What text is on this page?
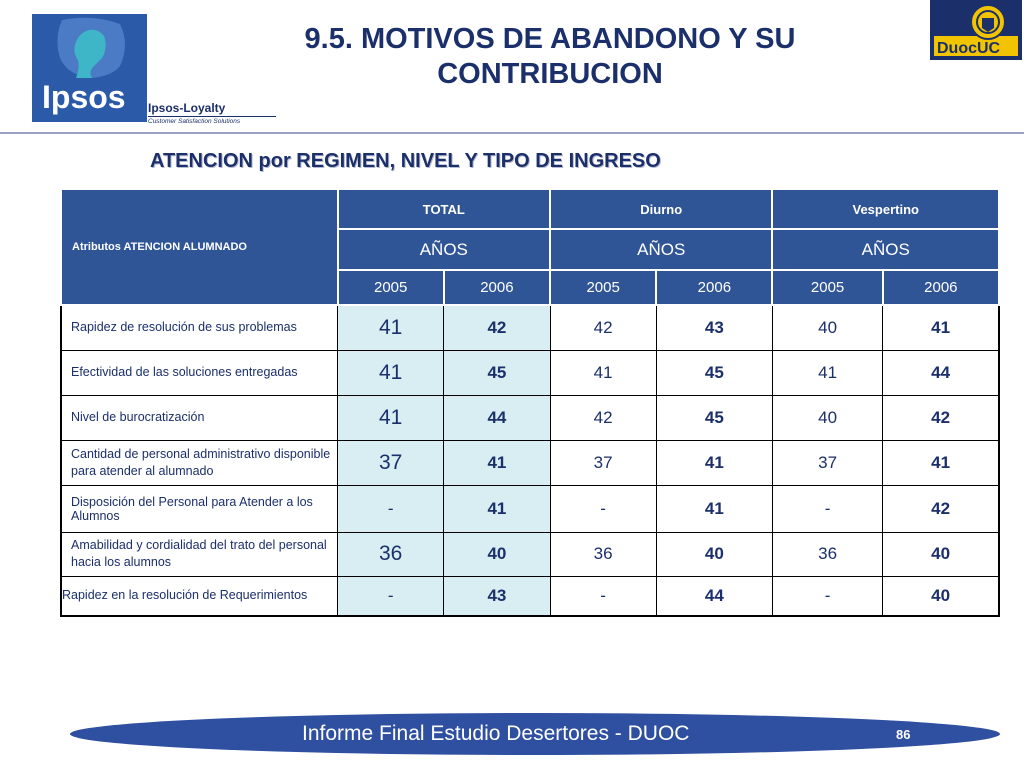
Ipsos Ipsos-Loyalty
Customer Satisfaction Solutions
DuocUC
9.5. MOTIVOS DE ABANDONO Y SU
CONTRIBUCION
ATENCION por REGIMEN, NIVEL Y TIPO DE INGRESO
Atributos ATENCION ALUMNADO	TOTAL		Diurno		Vespertino	
	AÑOS		AÑOS		AÑOS	
	2005	2006	2005	2006	2005	2006
Rapidez de resolución de sus problemas	41	42	42	43	40	41
Efectividad de las soluciones entregadas	41	45	41	45	41	44
Nivel de burocratización	41	44	42	45	40	42
Cantidad de personal administrativo disponible para atender al alumnado	37	41	37	41	37	41
Disposición del Personal para Atender a los Alumnos	-	41	-	41	-	42
Amabilidad y cordialidad del trato del personal hacia los alumnos	36	40	36	40	36	40
Rapidez en la resolución de Requerimientos	-	43	-	44	-	40
Informe Final Estudio Desertores - DUOC	86
